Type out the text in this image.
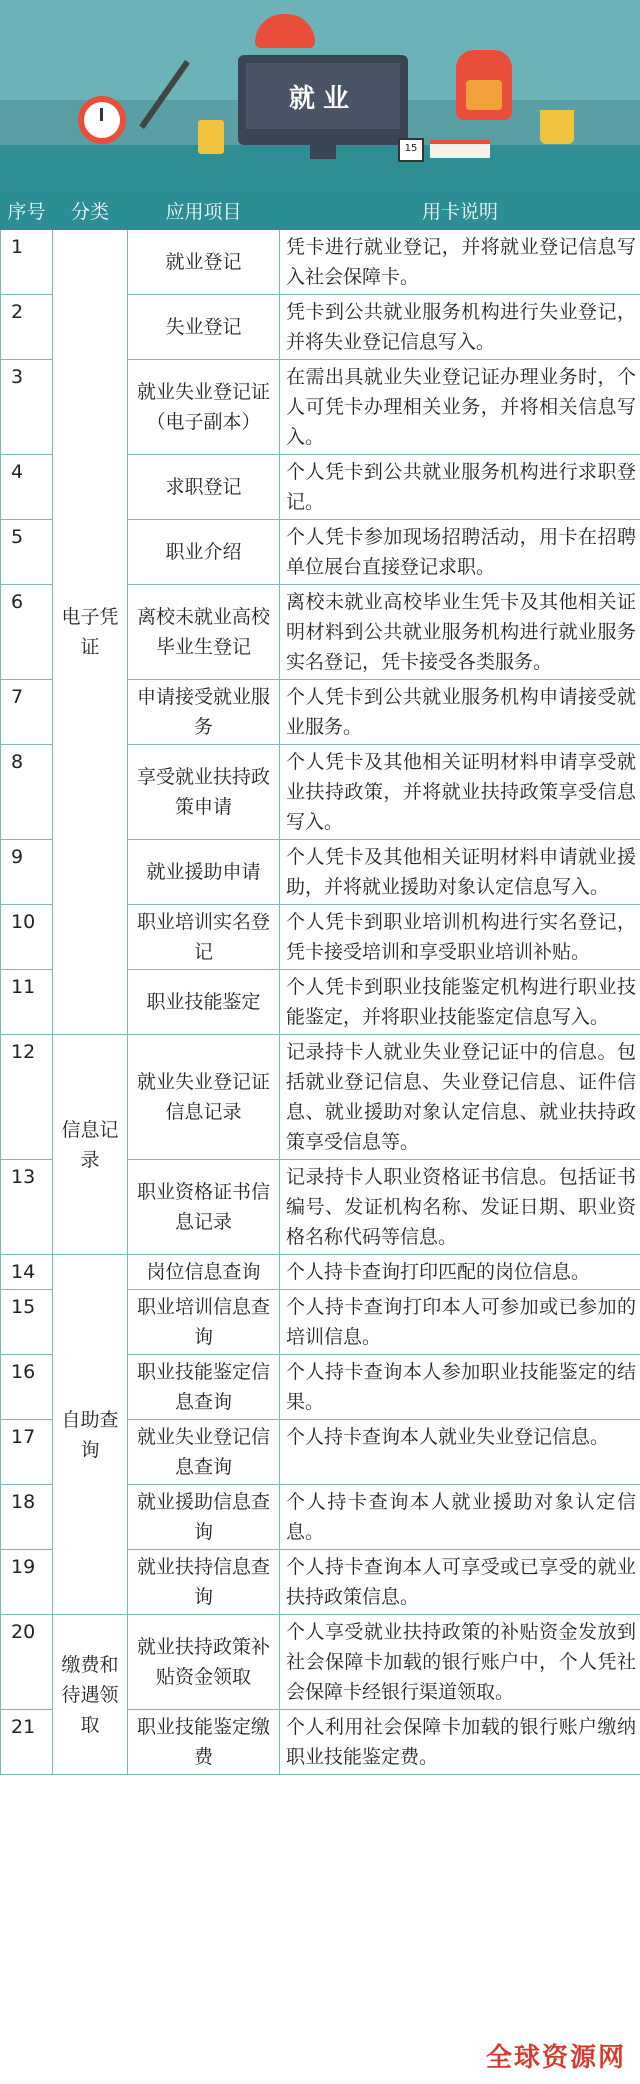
就业
15
序号	分类	应用项目	用卡说明
1	电子凭证	就业登记	凭卡进行就业登记，并将就业登记信息写入社会保障卡。
2		失业登记	凭卡到公共就业服务机构进行失业登记，并将失业登记信息写入。
3		就业失业登记证（电子副本）	在需出具就业失业登记证办理业务时，个人可凭卡办理相关业务，并将相关信息写入。
4		求职登记	个人凭卡到公共就业服务机构进行求职登记。
5		职业介绍	个人凭卡参加现场招聘活动，用卡在招聘单位展台直接登记求职。
6		离校未就业高校毕业生登记	离校未就业高校毕业生凭卡及其他相关证明材料到公共就业服务机构进行就业服务实名登记，凭卡接受各类服务。
7		申请接受就业服务	个人凭卡到公共就业服务机构申请接受就业服务。
8		享受就业扶持政策申请	个人凭卡及其他相关证明材料申请享受就业扶持政策，并将就业扶持政策享受信息写入。
9		就业援助申请	个人凭卡及其他相关证明材料申请就业援助，并将就业援助对象认定信息写入。
10		职业培训实名登记	个人凭卡到职业培训机构进行实名登记，凭卡接受培训和享受职业培训补贴。
11		职业技能鉴定	个人凭卡到职业技能鉴定机构进行职业技能鉴定，并将职业技能鉴定信息写入。
12	信息记录	就业失业登记证信息记录	记录持卡人就业失业登记证中的信息。包括就业登记信息、失业登记信息、证件信息、就业援助对象认定信息、就业扶持政策享受信息等。
13		职业资格证书信息记录	记录持卡人职业资格证书信息。包括证书编号、发证机构名称、发证日期、职业资格名称代码等信息。
14	自助查询	岗位信息查询	个人持卡查询打印匹配的岗位信息。
15		职业培训信息查询	个人持卡查询打印本人可参加或已参加的培训信息。
16		职业技能鉴定信息查询	个人持卡查询本人参加职业技能鉴定的结果。
17		就业失业登记信息查询	个人持卡查询本人就业失业登记信息。
18		就业援助信息查询	个人持卡查询本人就业援助对象认定信息。
19		就业扶持信息查询	个人持卡查询本人可享受或已享受的就业扶持政策信息。
20	缴费和待遇领取	就业扶持政策补贴资金领取	个人享受就业扶持政策的补贴资金发放到社会保障卡加载的银行账户中，个人凭社会保障卡经银行渠道领取。
21		职业技能鉴定缴费	个人利用社会保障卡加载的银行账户缴纳职业技能鉴定费。
全球资源网
